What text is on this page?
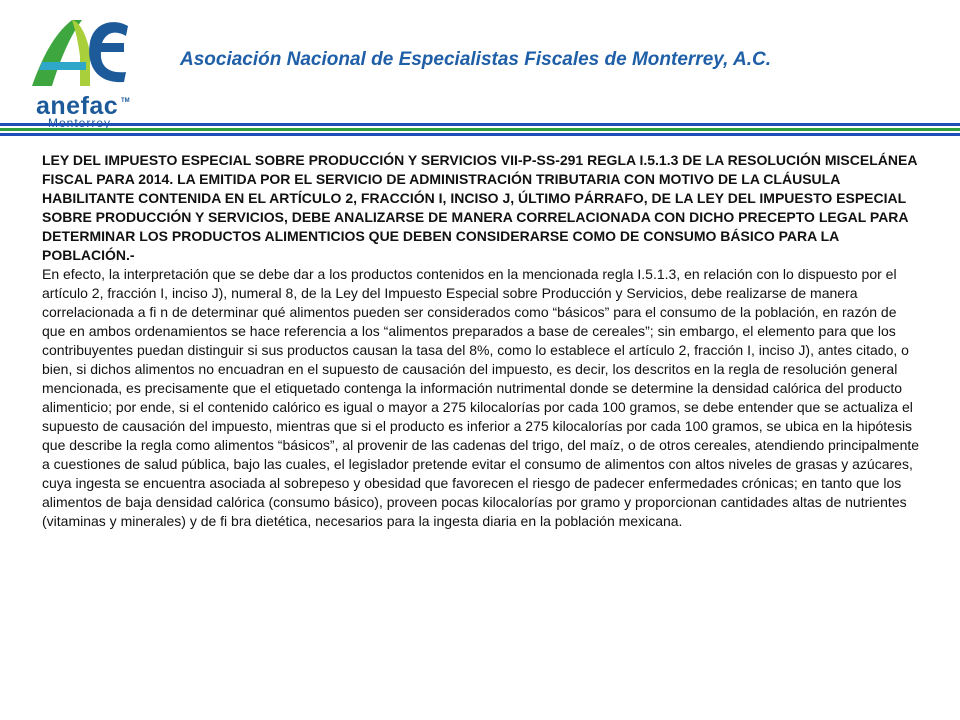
anefac TM
Asociación Nacional de Especialistas Fiscales de Monterrey, A.C.
LEY DEL IMPUESTO ESPECIAL SOBRE PRODUCCIÓN Y SERVICIOS VII-P-SS-291 REGLA I.5.1.3 DE LA RESOLUCIÓN MISCELÁNEA FISCAL PARA 2014. LA EMITIDA POR EL SERVICIO DE ADMINISTRACIÓN TRIBUTARIA CON MOTIVO DE LA CLÁUSULA HABILITANTE CONTENIDA EN EL ARTÍCULO 2, FRACCIÓN I, INCISO J, ÚLTIMO PÁRRAFO, DE LA LEY DEL IMPUESTO ESPECIAL SOBRE PRODUCCIÓN Y SERVICIOS, DEBE ANALIZARSE DE MANERA CORRELACIONADA CON DICHO PRECEPTO LEGAL PARA DETERMINAR LOS PRODUCTOS ALIMENTICIOS QUE DEBEN CONSIDERARSE COMO DE CONSUMO BÁSICO PARA LA POBLACIÓN.-
En efecto, la interpretación que se debe dar a los productos contenidos en la mencionada regla I.5.1.3, en relación con lo dispuesto por el artículo 2, fracción I, inciso J), numeral 8, de la Ley del Impuesto Especial sobre Producción y Servicios, debe realizarse de manera correlacionada a fi n de determinar qué alimentos pueden ser considerados como “básicos” para el consumo de la población, en razón de que en ambos ordenamientos se hace referencia a los “alimentos preparados a base de cereales”; sin embargo, el elemento para que los contribuyentes puedan distinguir si sus productos causan la tasa del 8%, como lo establece el artículo 2, fracción I, inciso J), antes citado, o bien, si dichos alimentos no encuadran en el supuesto de causación del impuesto, es decir, los descritos en la regla de resolución general mencionada, es precisamente que el etiquetado contenga la información nutrimental donde se determine la densidad calórica del producto alimenticio; por ende, si el contenido calórico es igual o mayor a 275 kilocalorías por cada 100 gramos, se debe entender que se actualiza el supuesto de causación del impuesto, mientras que si el producto es inferior a 275 kilocalorías por cada 100 gramos, se ubica en la hipótesis que describe la regla como alimentos “básicos”, al provenir de las cadenas del trigo, del maíz, o de otros cereales, atendiendo principalmente a cuestiones de salud pública, bajo las cuales, el legislador pretende evitar el consumo de alimentos con altos niveles de grasas y azúcares, cuya ingesta se encuentra asociada al sobrepeso y obesidad que favorecen el riesgo de padecer enfermedades crónicas; en tanto que los alimentos de baja densidad calórica (consumo básico), proveen pocas kilocalorías por gramo y proporcionan cantidades altas de nutrientes (vitaminas y minerales) y de fi bra dietética, necesarios para la ingesta diaria en la población mexicana.
